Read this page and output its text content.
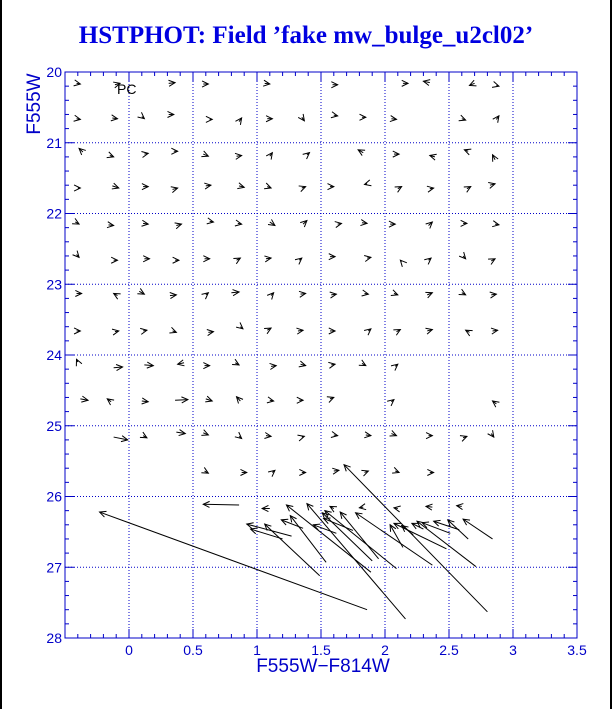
HSTPHOT: Field ’fake mw_bulge_u2cl02’
0	0.5	1	1.5	2	2.5	3	3.5
20
21
22
23
24
25
26
27
28
PC
F555W−F814W
F555W
